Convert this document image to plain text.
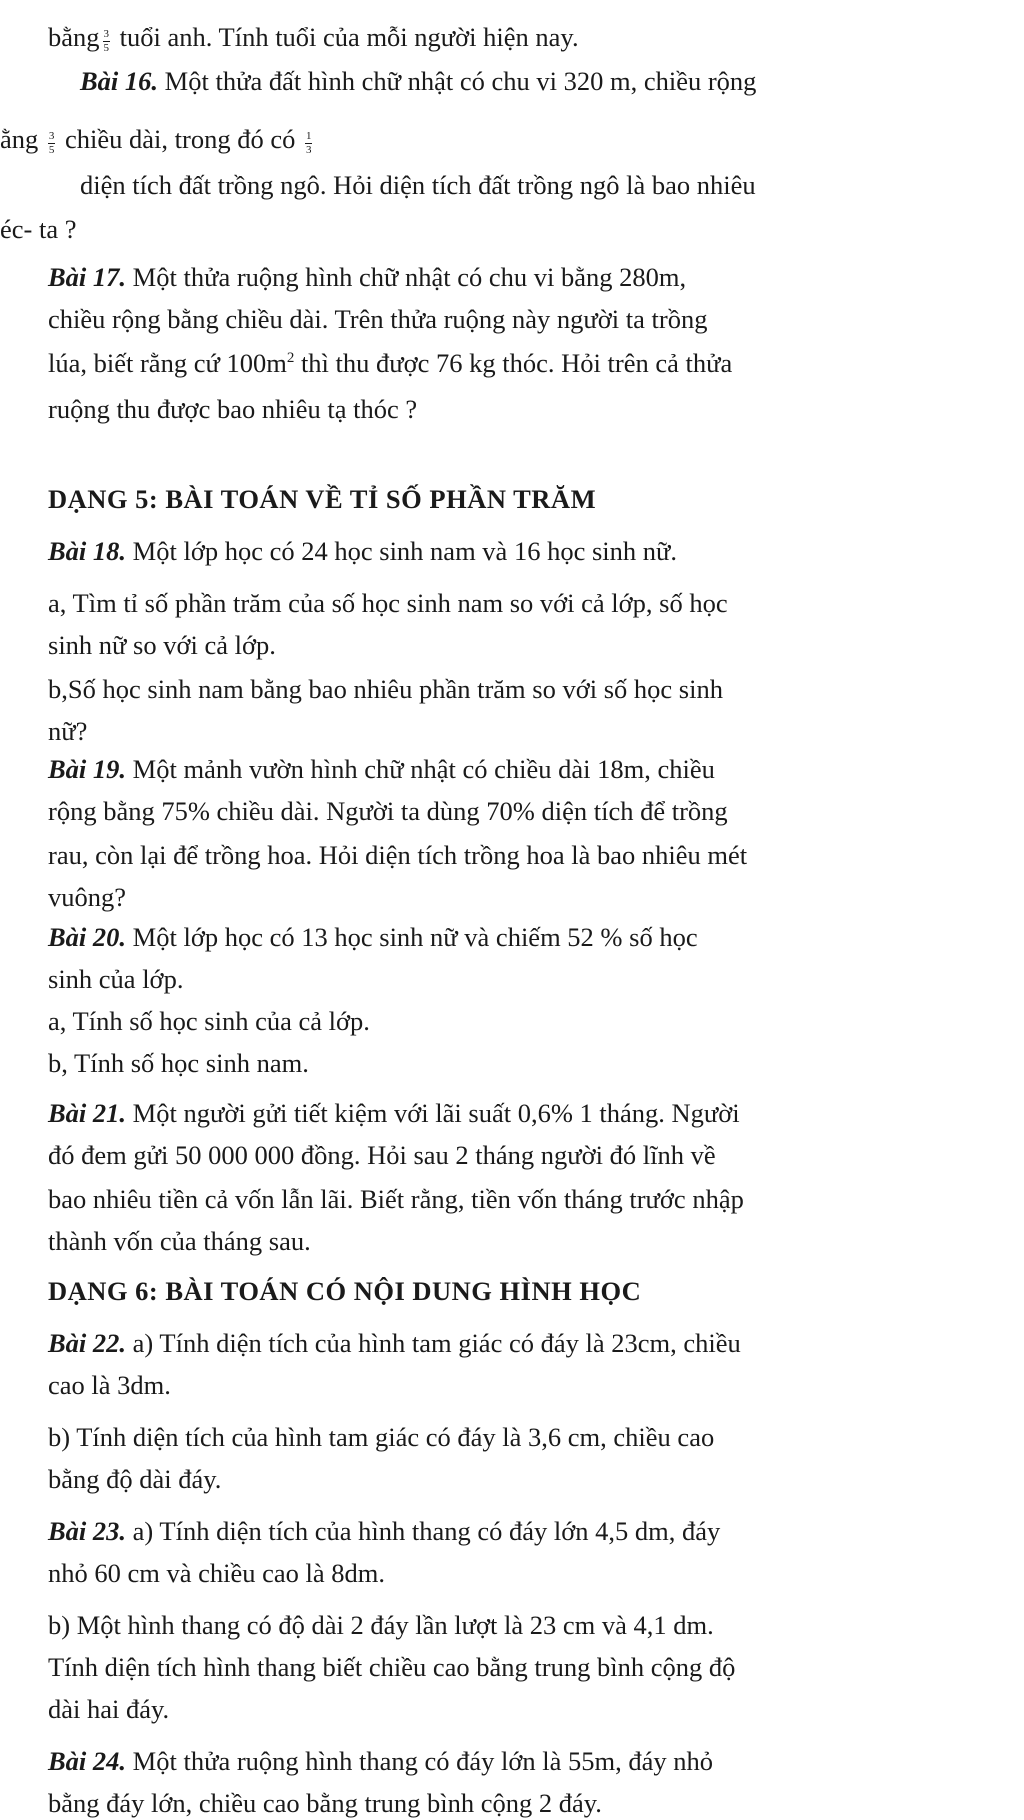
bằng $\frac{3}{5}$ tuổi anh. Tính tuổi của mỗi người hiện nay.
Bài 16. Một thửa đất hình chữ nhật có chu vi 320 m, chiều rộng
ằng $\frac{3}{5}$ chiều dài, trong đó có $\frac{1}{3}$
diện tích đất trồng ngô. Hỏi diện tích đất trồng ngô là bao nhiêu
éc- ta ?
Bài 17. Một thửa ruộng hình chữ nhật có chu vi bằng 280m,
chiều rộng bằng chiều dài. Trên thửa ruộng này người ta trồng
lúa, biết rằng cứ $100m^2$ thì thu được 76 kg thóc. Hỏi trên cả thửa
ruộng thu được bao nhiêu tạ thóc ?
DẠNG 5: BÀI TOÁN VỀ TỈ SỐ PHẦN TRĂM
Bài 18. Một lớp học có 24 học sinh nam và 16 học sinh nữ.
a, Tìm tỉ số phần trăm của số học sinh nam so với cả lớp, số học
sinh nữ so với cả lớp.
b,Số học sinh nam bằng bao nhiêu phần trăm so với số học sinh
nữ?
Bài 19. Một mảnh vườn hình chữ nhật có chiều dài 18m, chiều
rộng bằng 75% chiều dài. Người ta dùng 70% diện tích để trồng
rau, còn lại để trồng hoa. Hỏi diện tích trồng hoa là bao nhiêu mét
vuông?
Bài 20. Một lớp học có 13 học sinh nữ và chiếm 52 % số học
sinh của lớp.
a, Tính số học sinh của cả lớp.
b, Tính số học sinh nam.
Bài 21. Một người gửi tiết kiệm với lãi suất 0,6% 1 tháng. Người
đó đem gửi 50 000 000 đồng. Hỏi sau 2 tháng người đó lĩnh về
bao nhiêu tiền cả vốn lẫn lãi. Biết rằng, tiền vốn tháng trước nhập
thành vốn của tháng sau.
DẠNG 6: BÀI TOÁN CÓ NỘI DUNG HÌNH HỌC
Bài 22. a) Tính diện tích của hình tam giác có đáy là 23cm, chiều
cao là 3dm.
b) Tính diện tích của hình tam giác có đáy là 3,6 cm, chiều cao
bằng độ dài đáy.
Bài 23. a) Tính diện tích của hình thang có đáy lớn 4,5 dm, đáy
nhỏ 60 cm và chiều cao là 8dm.
b) Một hình thang có độ dài 2 đáy lần lượt là 23 cm và 4,1 dm.
Tính diện tích hình thang biết chiều cao bằng trung bình cộng độ
dài hai đáy.
Bài 24. Một thửa ruộng hình thang có đáy lớn là 55m, đáy nhỏ
bằng đáy lớn, chiều cao bằng trung bình cộng 2 đáy.
